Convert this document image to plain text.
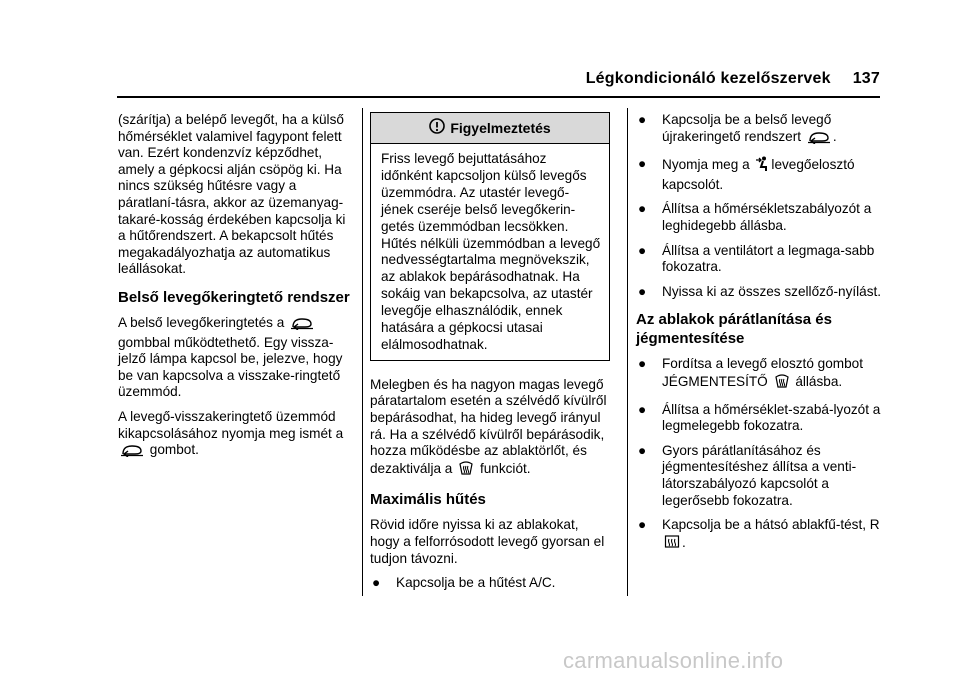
Légkondicionáló kezelőszervek 137

(szárítja) a belépő levegőt, ha a külső hőmérséklet valamivel fagypont felett van. Ezért kondenzvíz képződhet, amely a gépkocsi alján csöpög ki. Ha nincs szükség hűtésre vagy a páratlaní-tásra, akkor az üzemanyag-takaré-kosság érdekében kapcsolja ki a hűtőrendszert. A bekapcsolt hűtés megakadályozhatja az automatikus leállásokat.

Belső levegőkeringtető rendszer

A belső levegőkeringtetés a  gombbal működtethető. Egy vissza-jelző lámpa kapcsol be, jelezve, hogy be van kapcsolva a visszake-ringtető üzemmód.

A levegő-visszakeringtető üzemmód kikapcsolásához nyomja meg ismét a  gombot.

Figyelmeztetés
Friss levegő bejuttatásához időnként kapcsoljon külső levegős üzemmódra. Az utastér levegő-jének cseréje belső levegőkerin-getés üzemmódban lecsökken. Hűtés nélküli üzemmódban a levegő nedvességtartalma megnövekszik, az ablakok bepárásodhatnak. Ha sokáig van bekapcsolva, az utastér levegője elhasználódik, ennek hatására a gépkocsi utasai elálmosodhatnak.

Melegben és ha nagyon magas levegő páratartalom esetén a szélvédő kívülről bepárásodhat, ha hideg levegő irányul rá. Ha a szélvédő kívülről bepárásodik, hozza működésbe az ablaktörlőt, és dezaktiválja a funkciót.

Maximális hűtés

Rövid időre nyissa ki az ablakokat, hogy a felforrósodott levegő gyorsan el tudjon távozni.

●	Kapcsolja be a hűtést A/C.
●	Kapcsolja be a belső levegő újrakeringető rendszert .
●	Nyomja meg a levegőelosztó kapcsolót.
●	Állítsa a hőmérsékletszabályozót a leghidegebb állásba.
●	Állítsa a ventilátort a legmaga-sabb fokozatra.
●	Nyissa ki az összes szellőző-nyílást.
Az ablakok párátlanítása és jégmentesítése
●	Fordítsa a levegő elosztó gombot JÉGMENTESÍTŐ állásba.
●	Állítsa a hőmérséklet-szabá-lyozót a legmelegebb fokozatra.
●	Gyors párátlanításához és jégmentesítéshez állítsa a venti-látorszabályozó kapcsolót a legerősebb fokozatra.
●	Kapcsolja be a hátsó ablakfű-tést, R .
carmanualsonline.info
